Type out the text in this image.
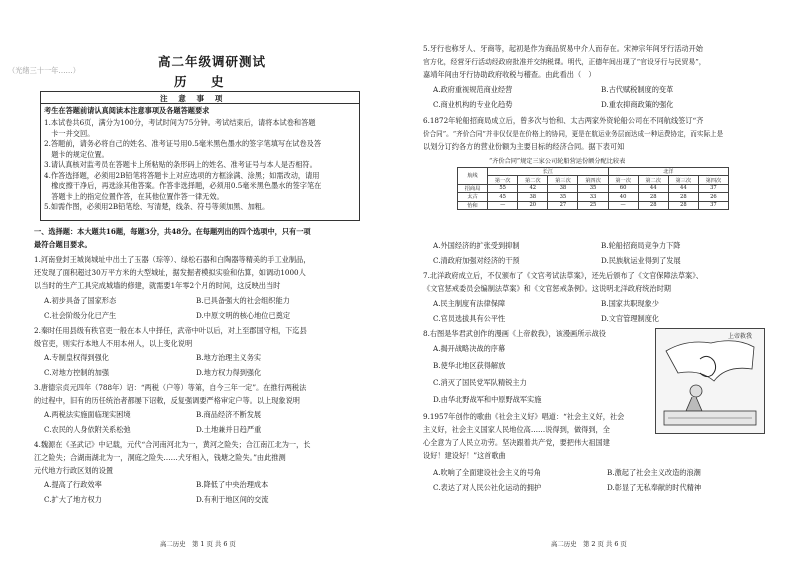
（光绪三十一年……）
高二年级调研测试
历　史
注 意 事 项
考生在答题前请认真阅读本注意事项及各题答题要求
1.本试卷共6页，满分为100分，考试时间为75分钟。考试结束后，请将本试卷和答题
　卡一并交回。
2.答题前，请务必将自己的姓名、准考证号用0.5毫米黑色墨水的签字笔填写在试卷及答
　题卡的规定位置。
3.请认真核对监考员在答题卡上所粘贴的条形码上的姓名、准考证号与本人是否相符。
4.作答选择题，必须用2B铅笔将答题卡上对应选项的方框涂满、涂黑；如需改动，请用
　橡皮擦干净后，再选涂其他答案。作答非选择题，必须用0.5毫米黑色墨水的签字笔在
　答题卡上的指定位置作答，在其他位置作答一律无效。
5.如需作图，必须用2B铅笔绘、写清楚，线条、符号等须加黑、加粗。
一、选择题：本大题共16题，每题3分，共48分。在每题列出的四个选项中，只有一项
最符合题目要求。
1.河南登封王城岗城址中出土了玉器（琮等）、绿松石器和白陶器等精美的手工业制品，
还发现了面积超过30万平方米的大型城址，据发掘者模拟实验和估算，如调动1000人
以当时的生产工具完成城墙的修建，就需要1年零2个月的时间，这反映出当时
A.初步具备了国家形态	B.已具备强大的社会组织能力
C.社会阶级分化已产生	D.中原文明的核心地位已奠定
2.秦时任用县级有秩官吏一般在本人中择任，武帝中叶以后，对上至郡国守相，下迄县
级官吏，则实行本地人不用本州人，以上变化说明
A.专制皇权得到强化	B.地方治理主义务实
C.对地方控制的加强	D.地方权力得到强化
3.唐德宗贞元四年（788年）诏：“两税（户等）等第，自今三年一定”。在推行两税法
的过程中，旧有的历任统治者都屡下诏敕，反复强调要严格审定户等。以上现象说明
A.两税法实施面临现实困境	B.商品经济不断发展
C.农民的人身依附关系松弛	D.土地兼并日趋严重
4.魏源在《圣武记》中记载，元代“合河南河北为一，黄河之险失；合江南江北为一，长
江之险失；合湖南湖北为一，洞庭之险失……犬牙相入，钱塘之险失。”由此推测
元代地方行政区划的设置
A.提高了行政效率	B.降低了中央治理成本
C.扩大了地方权力	D.有利于地区间的交流
高二历史　第 1 页 共 6 页
5.牙行也称牙人、牙商等，起初是作为商品贸易中介人而存在。宋神宗年间牙行活动开始
官方化，经营牙行活动经政府批准并交纳税课。明代，正德年间出现了“官设牙行与民贸易”，
嘉靖年间由牙行协助政府收税与稽查。由此看出（　）
A.政府重视规范商业经营	B.古代赋税制度的变革
C.商业机构的专业化趋势	D.重农抑商政策的强化
6.1872年轮船招商局成立后，曾多次与怡和、太古两家外资轮船公司在不同航线签订“齐
价合同”。“齐价合同”并非仅仅是在价格上的协同，更是在航运业务层面达成一种运费协定，而实际上是
以划分订约各方的营业份额为主要目标的经济合同。据下表可知
“齐价合同”规定三家公司轮船营运份额分配比较表
航线	长江				北洋			
	第一次	第二次	第三次	第四次	第一次	第二次	第三次	第四次
招商局	55	42	38	35	60	44	44	37
太古	45	38	35	33	40	28	28	26
怡和	—	20	27	25	—	28	28	37
A.外国经济的扩张受到抑制	B.轮船招商局竞争力下降
C.清政府加强对经济的干预	D.民族航运业得到了发展
7.北洋政府成立后，不仅颁布了《文官考试法草案》，还先后颁布了《文官保障法草案》、
《文官惩戒委员会编制法草案》和《文官惩戒条例》。这说明北洋政府统治时期
A.民主制度有法律保障	B.国家共职现象少
C.官员选拔具有公平性	D.文官管理制度化
8.右图是华君武创作的漫画《上帝救我》，该漫画所示战役
A.揭开战略决战的序幕
B.使华北地区获得解放
C.消灭了国民党军队精锐主力
D.由华北野战军和中原野战军实施
上帝救我
9.1957年创作的歌曲《社会主义好》唱道：“社会主义好，社会
主义好，社会主义国家人民地位高……说得到，做得到，全
心全意为了人民立功劳。坚决跟着共产党，要把伟大祖国建
设好！建设好！”这首歌曲
A.吹响了全面建设社会主义的号角	B.激起了社会主义改造的浪潮
C.表达了对人民公社化运动的拥护	D.彰显了无私奉献的时代精神
高二历史　第 2 页 共 6 页
